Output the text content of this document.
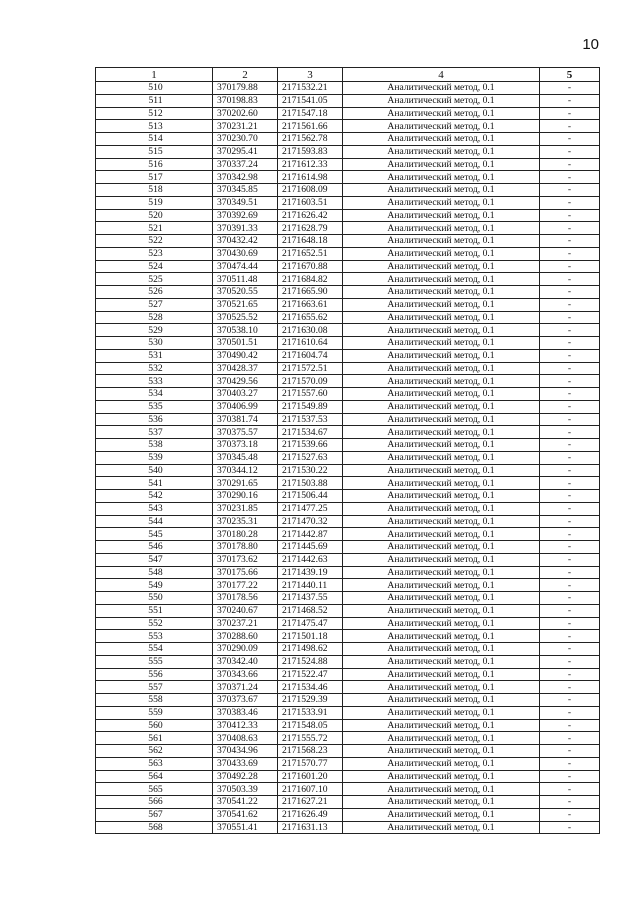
10
1	2	3	4	5
510	370179.88	2171532.21	Аналитический метод, 0.1	-
511	370198.83	2171541.05	Аналитический метод, 0.1	-
512	370202.60	2171547.18	Аналитический метод, 0.1	-
513	370231.21	2171561.66	Аналитический метод, 0.1	-
514	370230.70	2171562.78	Аналитический метод, 0.1	-
515	370295.41	2171593.83	Аналитический метод, 0.1	-
516	370337.24	2171612.33	Аналитический метод, 0.1	-
517	370342.98	2171614.98	Аналитический метод, 0.1	-
518	370345.85	2171608.09	Аналитический метод, 0.1	-
519	370349.51	2171603.51	Аналитический метод, 0.1	-
520	370392.69	2171626.42	Аналитический метод, 0.1	-
521	370391.33	2171628.79	Аналитический метод, 0.1	-
522	370432.42	2171648.18	Аналитический метод, 0.1	-
523	370430.69	2171652.51	Аналитический метод, 0.1	-
524	370474.44	2171670.88	Аналитический метод, 0.1	-
525	370511.48	2171684.82	Аналитический метод, 0.1	-
526	370520.55	2171665.90	Аналитический метод, 0.1	-
527	370521.65	2171663.61	Аналитический метод, 0.1	-
528	370525.52	2171655.62	Аналитический метод, 0.1	-
529	370538.10	2171630.08	Аналитический метод, 0.1	-
530	370501.51	2171610.64	Аналитический метод, 0.1	-
531	370490.42	2171604.74	Аналитический метод, 0.1	-
532	370428.37	2171572.51	Аналитический метод, 0.1	-
533	370429.56	2171570.09	Аналитический метод, 0.1	-
534	370403.27	2171557.60	Аналитический метод, 0.1	-
535	370406.99	2171549.89	Аналитический метод, 0.1	-
536	370381.74	2171537.53	Аналитический метод, 0.1	-
537	370375.57	2171534.67	Аналитический метод, 0.1	-
538	370373.18	2171539.66	Аналитический метод, 0.1	-
539	370345.48	2171527.63	Аналитический метод, 0.1	-
540	370344.12	2171530.22	Аналитический метод, 0.1	-
541	370291.65	2171503.88	Аналитический метод, 0.1	-
542	370290.16	2171506.44	Аналитический метод, 0.1	-
543	370231.85	2171477.25	Аналитический метод, 0.1	-
544	370235.31	2171470.32	Аналитический метод, 0.1	-
545	370180.28	2171442.87	Аналитический метод, 0.1	-
546	370178.80	2171445.69	Аналитический метод, 0.1	-
547	370173.62	2171442.63	Аналитический метод, 0.1	-
548	370175.66	2171439.19	Аналитический метод, 0.1	-
549	370177.22	2171440.11	Аналитический метод, 0.1	-
550	370178.56	2171437.55	Аналитический метод, 0.1	-
551	370240.67	2171468.52	Аналитический метод, 0.1	-
552	370237.21	2171475.47	Аналитический метод, 0.1	-
553	370288.60	2171501.18	Аналитический метод, 0.1	-
554	370290.09	2171498.62	Аналитический метод, 0.1	-
555	370342.40	2171524.88	Аналитический метод, 0.1	-
556	370343.66	2171522.47	Аналитический метод, 0.1	-
557	370371.24	2171534.46	Аналитический метод, 0.1	-
558	370373.67	2171529.39	Аналитический метод, 0.1	-
559	370383.46	2171533.91	Аналитический метод, 0.1	-
560	370412.33	2171548.05	Аналитический метод, 0.1	-
561	370408.63	2171555.72	Аналитический метод, 0.1	-
562	370434.96	2171568.23	Аналитический метод, 0.1	-
563	370433.69	2171570.77	Аналитический метод, 0.1	-
564	370492.28	2171601.20	Аналитический метод, 0.1	-
565	370503.39	2171607.10	Аналитический метод, 0.1	-
566	370541.22	2171627.21	Аналитический метод, 0.1	-
567	370541.62	2171626.49	Аналитический метод, 0.1	-
568	370551.41	2171631.13	Аналитический метод, 0.1	-
